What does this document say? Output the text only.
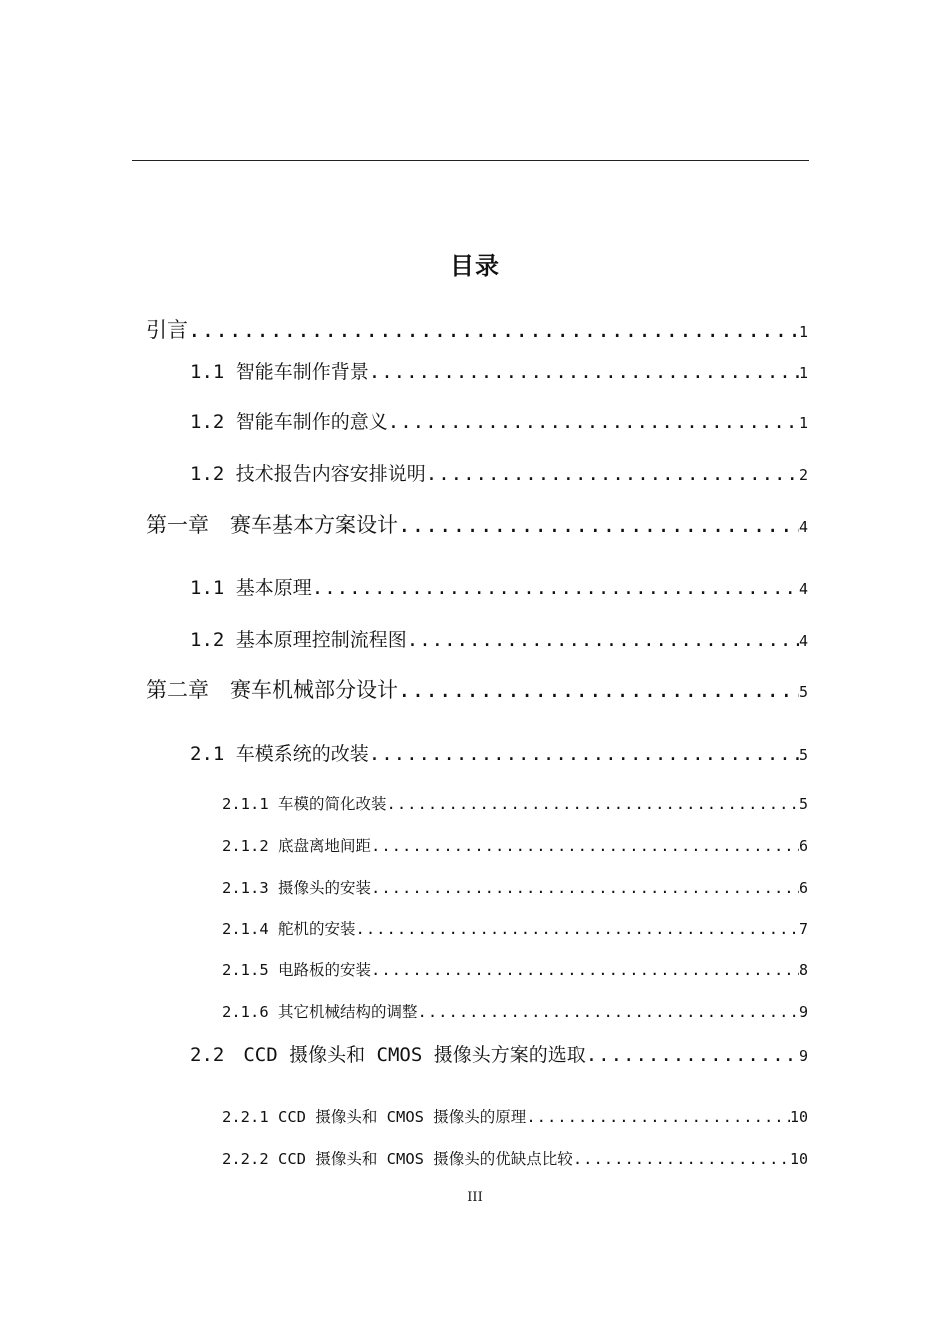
目录
引言 .....	1
1.1 智能车制作背景 .....	1
1.2 智能车制作的意义 .....	1
1.2 技术报告内容安排说明 .....	2
第一章　赛车基本方案设计 .....	4
1.1 基本原理 .....	4
1.2 基本原理控制流程图 .....	4
第二章　赛车机械部分设计 .....	5
2.1 车模系统的改装 .....	5
2.1.1 车模的简化改装 .....	5
2.1.2 底盘离地间距 .....	6
2.1.3 摄像头的安装 .....	6
2.1.4 舵机的安装 .....	7
2.1.5 电路板的安装 .....	8
2.1.6 其它机械结构的调整 .....	9
2.2　CCD 摄像头和 CMOS 摄像头方案的选取 .....	9
2.2.1 CCD 摄像头和 CMOS 摄像头的原理 .....	10
2.2.2 CCD 摄像头和 CMOS 摄像头的优缺点比较 .....	10
III
